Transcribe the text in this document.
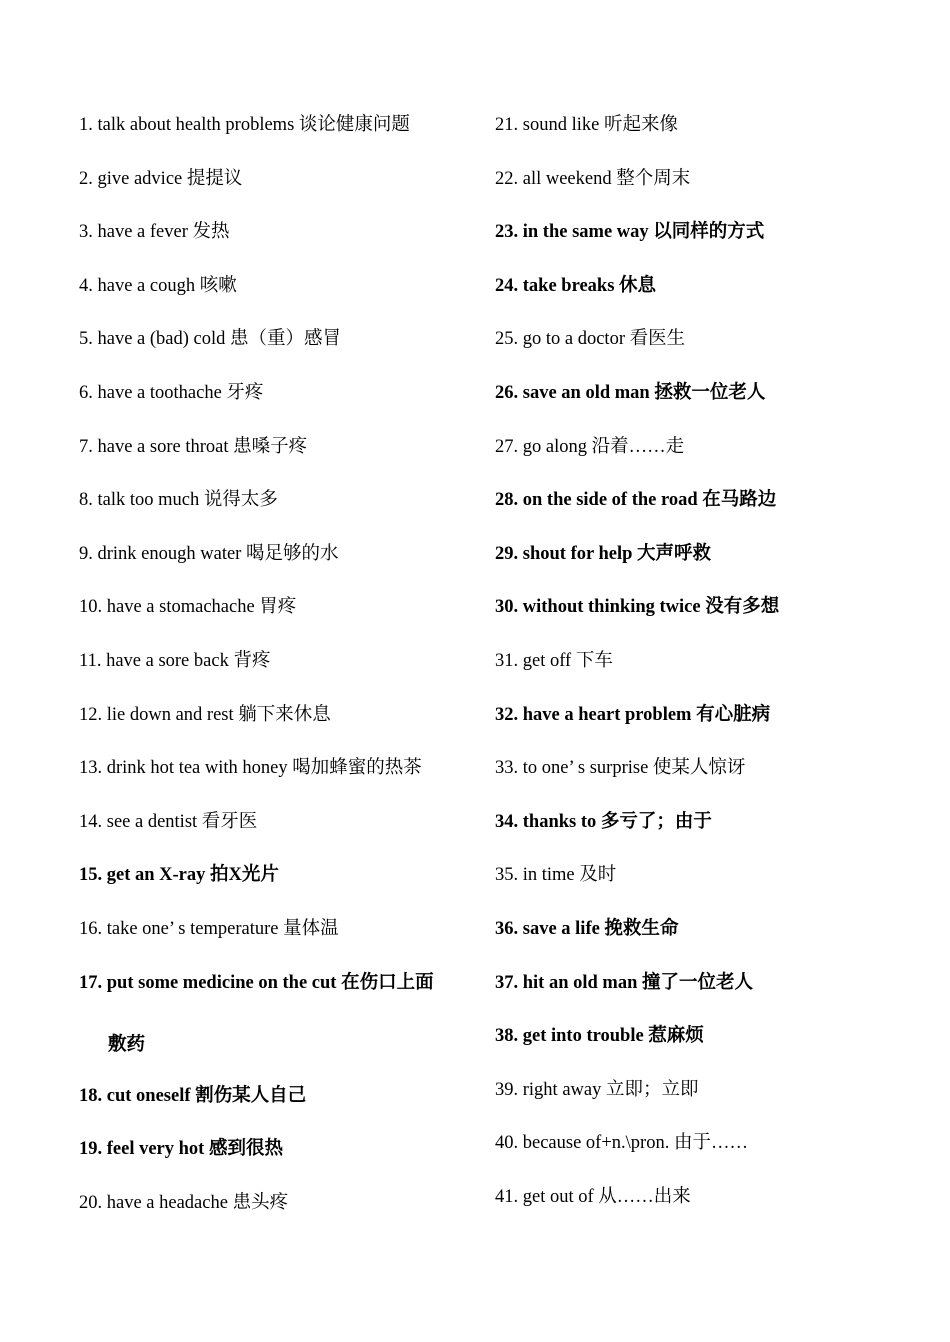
1. talk about health problems 谈论健康问题
2. give advice 提提议
3. have a fever 发热
4. have a cough 咳嗽
5. have a (bad) cold 患（重）感冒
6. have a toothache 牙疼
7. have a sore throat 患嗓子疼
8. talk too much 说得太多
9. drink enough water 喝足够的水
10. have a stomachache 胃疼
11. have a sore back 背疼
12. lie down and rest 躺下来休息
13. drink hot tea with honey 喝加蜂蜜的热茶
14. see a dentist 看牙医
15. get an X-ray 拍X光片
16. take one’ s temperature 量体温
17. put some medicine on the cut 在伤口上面
敷药
18. cut oneself 割伤某人自己
19. feel very hot 感到很热
20. have a headache 患头疼
21. sound like 听起来像
22. all weekend 整个周末
23. in the same way 以同样的方式
24. take breaks 休息
25. go to a doctor 看医生
26. save an old man 拯救一位老人
27. go along 沿着……走
28. on the side of the road 在马路边
29. shout for help 大声呼救
30. without thinking twice 没有多想
31. get off 下车
32. have a heart problem 有心脏病
33. to one’ s surprise 使某人惊讶
34. thanks to 多亏了；由于
35. in time 及时
36. save a life 挽救生命
37. hit an old man 撞了一位老人
38. get into trouble 惹麻烦
39. right away 立即；立即
40. because of+n.\pron. 由于……
41. get out of 从……出来
